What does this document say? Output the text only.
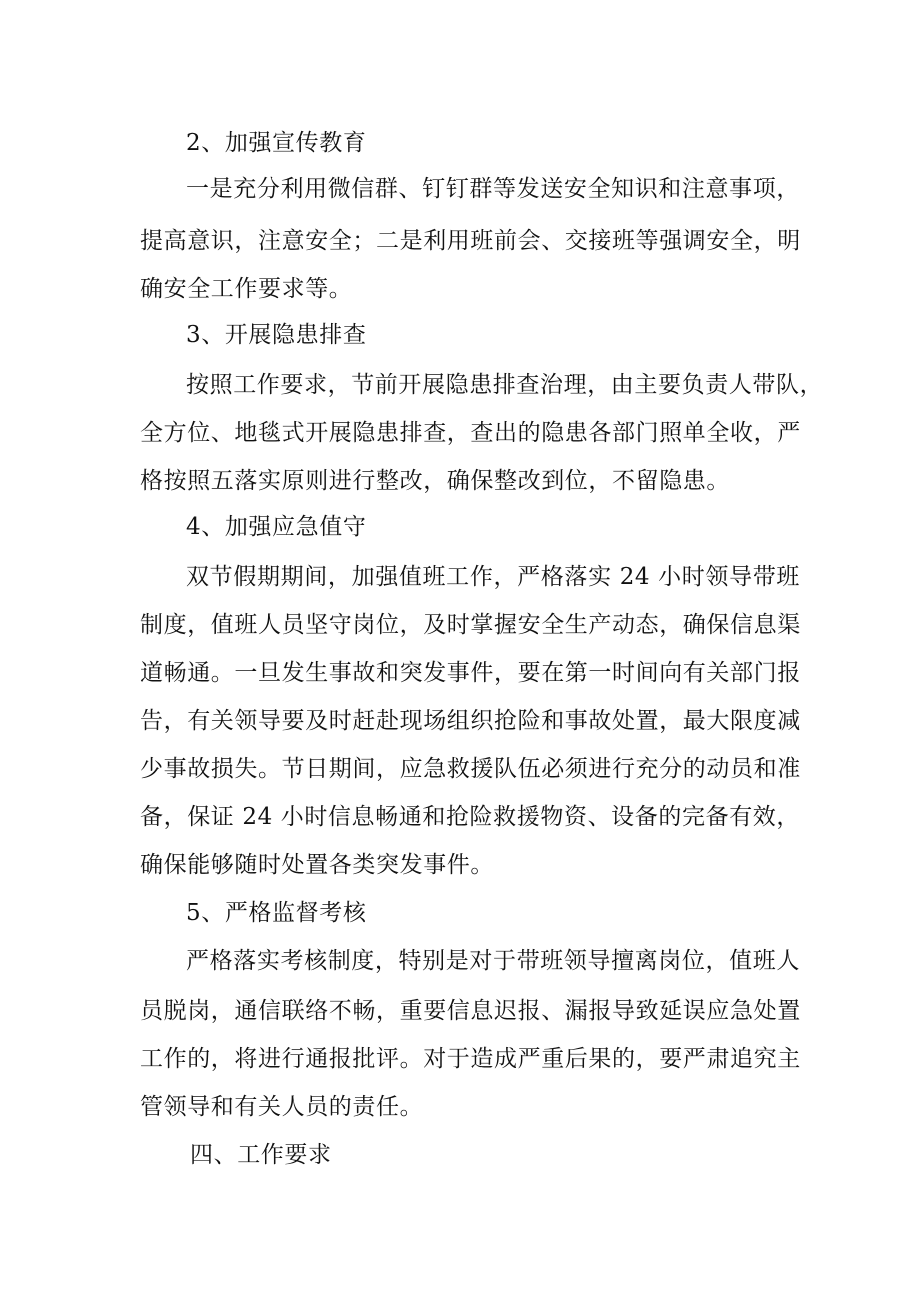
2、加强宣传教育
一是充分利用微信群、钉钉群等发送安全知识和注意事项，
提高意识，注意安全；二是利用班前会、交接班等强调安全，明
确安全工作要求等。
3、开展隐患排查
按照工作要求，节前开展隐患排查治理，由主要负责人带队，
全方位、地毯式开展隐患排查，查出的隐患各部门照单全收，严
格按照五落实原则进行整改，确保整改到位，不留隐患。
4、加强应急值守
双节假期期间，加强值班工作，严格落实 24 小时领导带班
制度，值班人员坚守岗位，及时掌握安全生产动态，确保信息渠
道畅通。一旦发生事故和突发事件，要在第一时间向有关部门报
告，有关领导要及时赶赴现场组织抢险和事故处置，最大限度减
少事故损失。节日期间，应急救援队伍必须进行充分的动员和准
备，保证 24 小时信息畅通和抢险救援物资、设备的完备有效，
确保能够随时处置各类突发事件。
5、严格监督考核
严格落实考核制度，特别是对于带班领导擅离岗位，值班人
员脱岗，通信联络不畅，重要信息迟报、漏报导致延误应急处置
工作的，将进行通报批评。对于造成严重后果的，要严肃追究主
管领导和有关人员的责任。
四、工作要求
